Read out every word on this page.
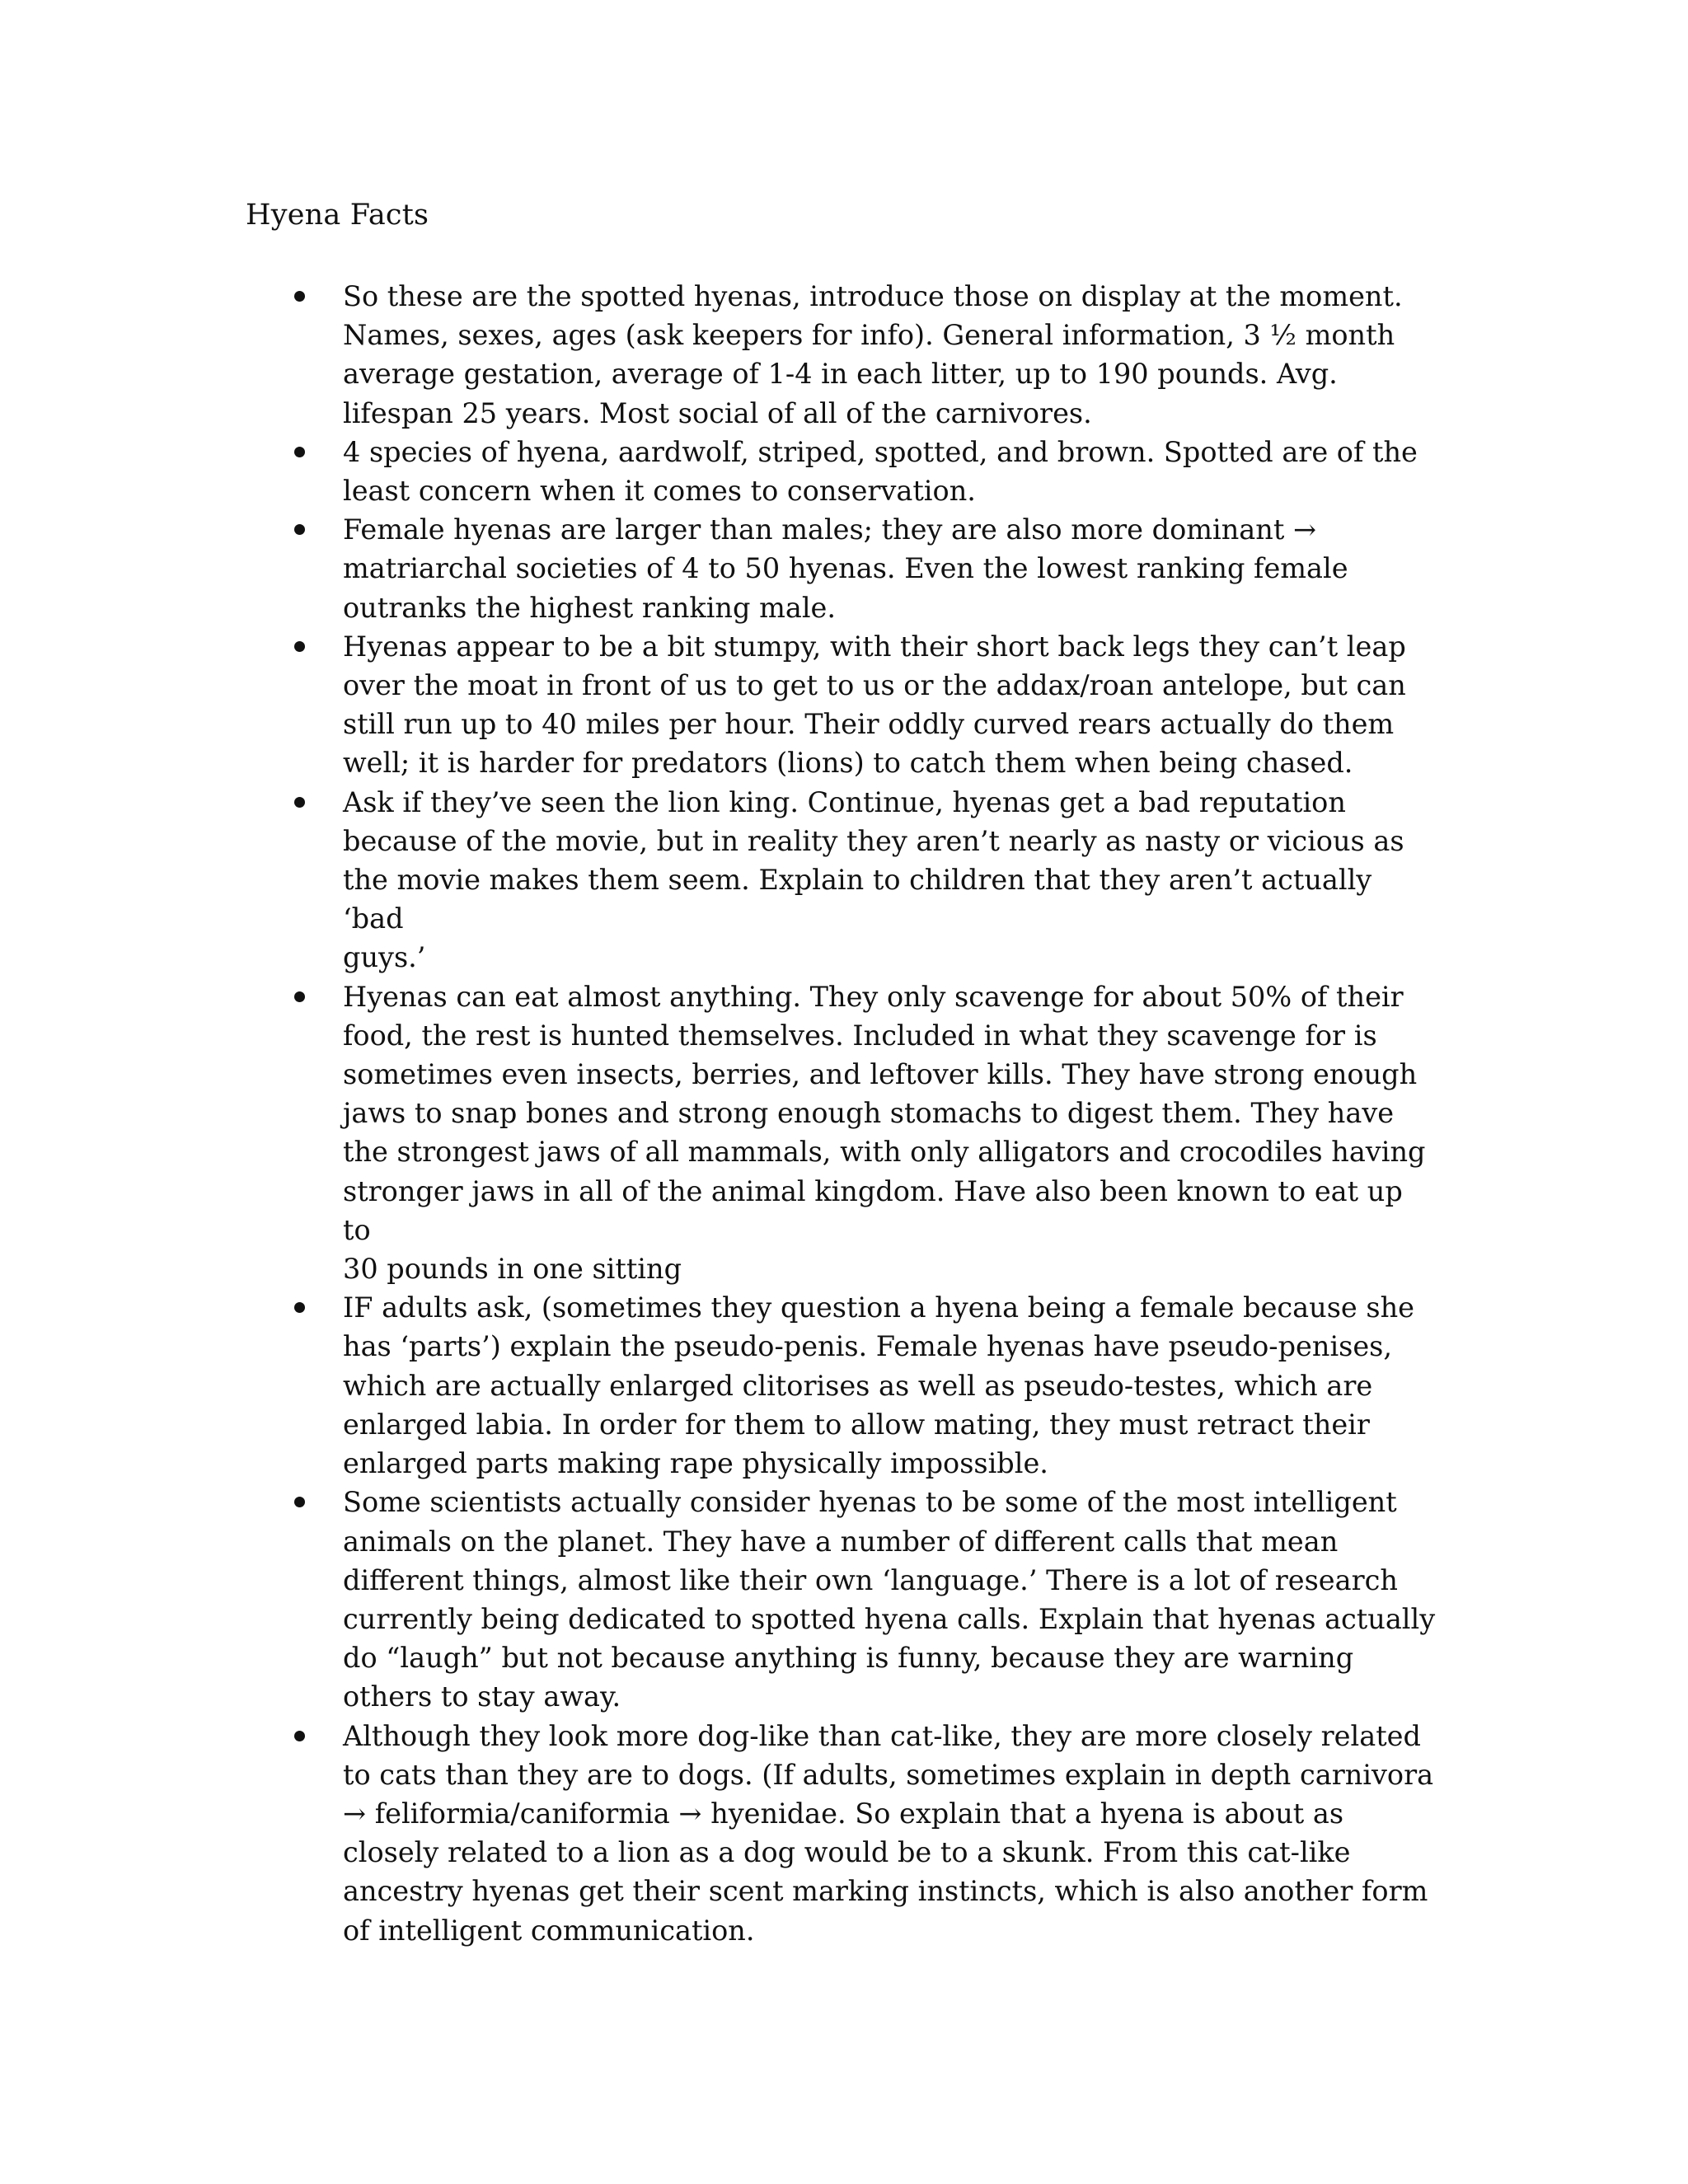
Hyena Facts
So these are the spotted hyenas, introduce those on display at the moment.
Names, sexes, ages (ask keepers for info). General information, 3 ½ month
average gestation, average of 1-4 in each litter, up to 190 pounds. Avg.
lifespan 25 years. Most social of all of the carnivores.
4 species of hyena, aardwolf, striped, spotted, and brown. Spotted are of the
least concern when it comes to conservation.
Female hyenas are larger than males; they are also more dominant →
matriarchal societies of 4 to 50 hyenas. Even the lowest ranking female
outranks the highest ranking male.
Hyenas appear to be a bit stumpy, with their short back legs they can’t leap
over the moat in front of us to get to us or the addax/roan antelope, but can
still run up to 40 miles per hour. Their oddly curved rears actually do them
well; it is harder for predators (lions) to catch them when being chased.
Ask if they’ve seen the lion king. Continue, hyenas get a bad reputation
because of the movie, but in reality they aren’t nearly as nasty or vicious as
the movie makes them seem. Explain to children that they aren’t actually ‘bad
guys.’
Hyenas can eat almost anything. They only scavenge for about 50% of their
food, the rest is hunted themselves. Included in what they scavenge for is
sometimes even insects, berries, and leftover kills. They have strong enough
jaws to snap bones and strong enough stomachs to digest them. They have
the strongest jaws of all mammals, with only alligators and crocodiles having
stronger jaws in all of the animal kingdom. Have also been known to eat up to
30 pounds in one sitting
IF adults ask, (sometimes they question a hyena being a female because she
has ‘parts’) explain the pseudo-penis. Female hyenas have pseudo-penises,
which are actually enlarged clitorises as well as pseudo-testes, which are
enlarged labia. In order for them to allow mating, they must retract their
enlarged parts making rape physically impossible.
Some scientists actually consider hyenas to be some of the most intelligent
animals on the planet. They have a number of different calls that mean
different things, almost like their own ‘language.’ There is a lot of research
currently being dedicated to spotted hyena calls. Explain that hyenas actually
do “laugh” but not because anything is funny, because they are warning
others to stay away.
Although they look more dog-like than cat-like, they are more closely related
to cats than they are to dogs. (If adults, sometimes explain in depth carnivora
→ feliformia/caniformia → hyenidae. So explain that a hyena is about as
closely related to a lion as a dog would be to a skunk. From this cat-like
ancestry hyenas get their scent marking instincts, which is also another form
of intelligent communication.
